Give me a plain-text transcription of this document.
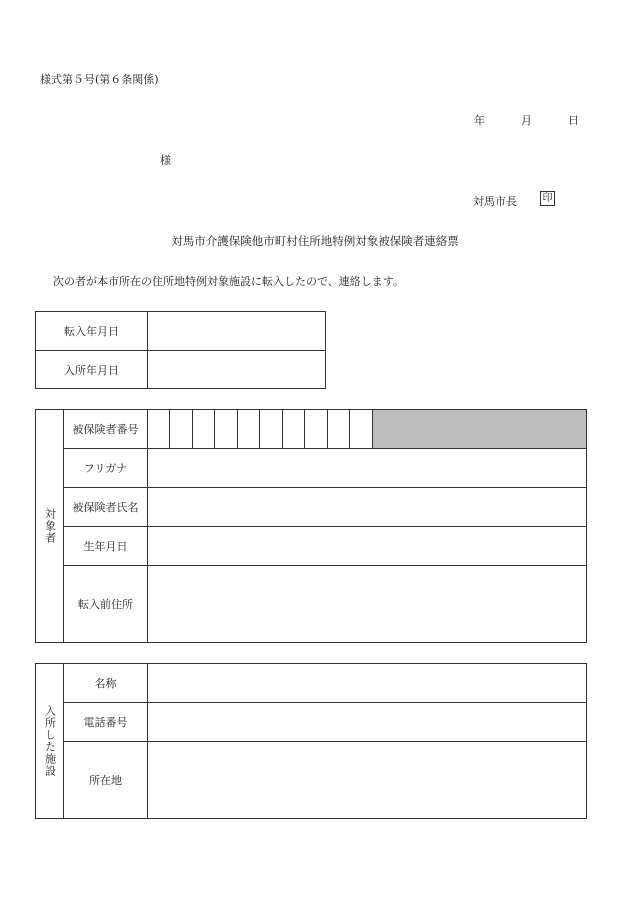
様式第５号(第６条関係)
年	月	日
様
対馬市長	印
対馬市介護保険他市町村住所地特例対象被保険者連絡票
次の者が本市所在の住所地特例対象施設に転入したので、連絡します。
転入年月日	
入所年月日	
対象者	被保険者番号											
	フリガナ											
	被保険者氏名											
	生年月日											
	転入前住所											
入所した施設	名称	
	電話番号	
	所在地	
